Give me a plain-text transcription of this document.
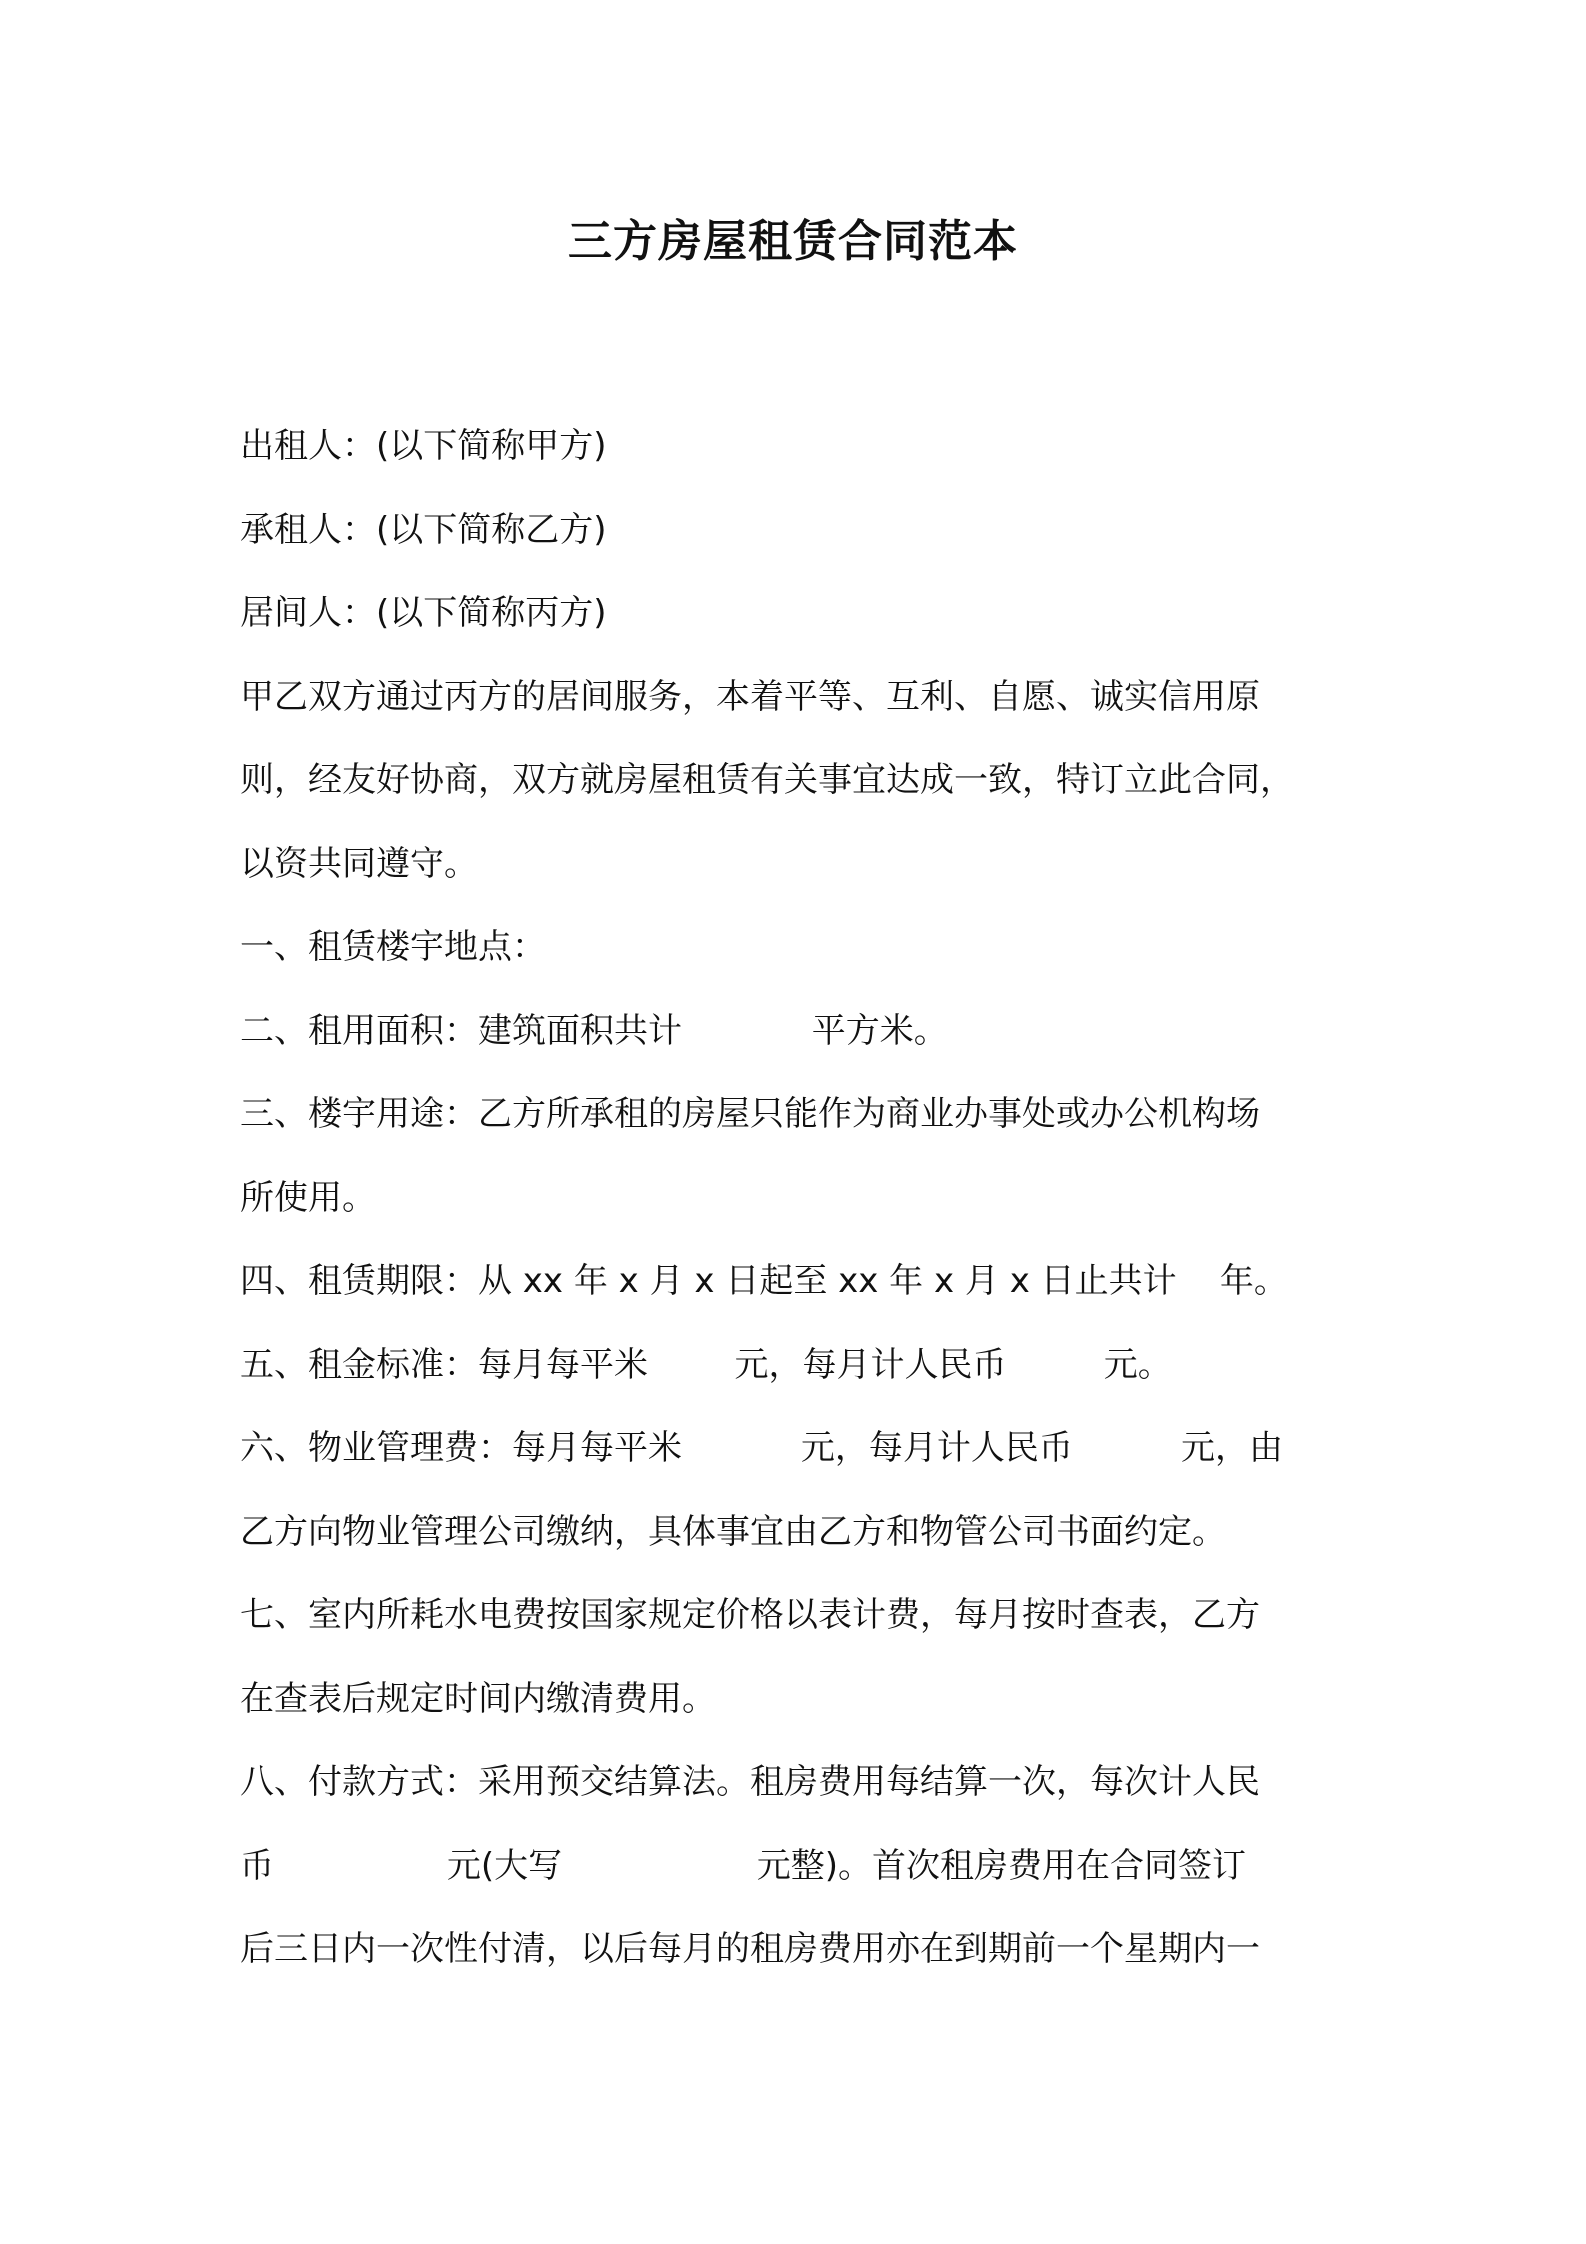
三方房屋租赁合同范本

出租人：(以下简称甲方)

承租人：(以下简称乙方)

居间人：(以下简称丙方)

甲乙双方通过丙方的居间服务，本着平等、互利、自愿、诚实信用原

则，经友好协商，双方就房屋租赁有关事宜达成一致，特订立此合同，

以资共同遵守。

一、租赁楼宇地点：

二、租用面积：建筑面积共计            平方米。

三、楼宇用途：乙方所承租的房屋只能作为商业办事处或办公机构场

所使用。

四、租赁期限：从 xx 年 x 月 x 日起至 xx 年 x 月 x 日止共计    年。

五、租金标准：每月每平米        元，每月计人民币         元。

六、物业管理费：每月每平米           元，每月计人民币          元，由

乙方向物业管理公司缴纳，具体事宜由乙方和物管公司书面约定。

七、室内所耗水电费按国家规定价格以表计费，每月按时查表，乙方

在查表后规定时间内缴清费用。

八、付款方式：采用预交结算法。租房费用每结算一次，每次计人民

币                元(大写                  元整)。首次租房费用在合同签订

后三日内一次性付清，以后每月的租房费用亦在到期前一个星期内一
